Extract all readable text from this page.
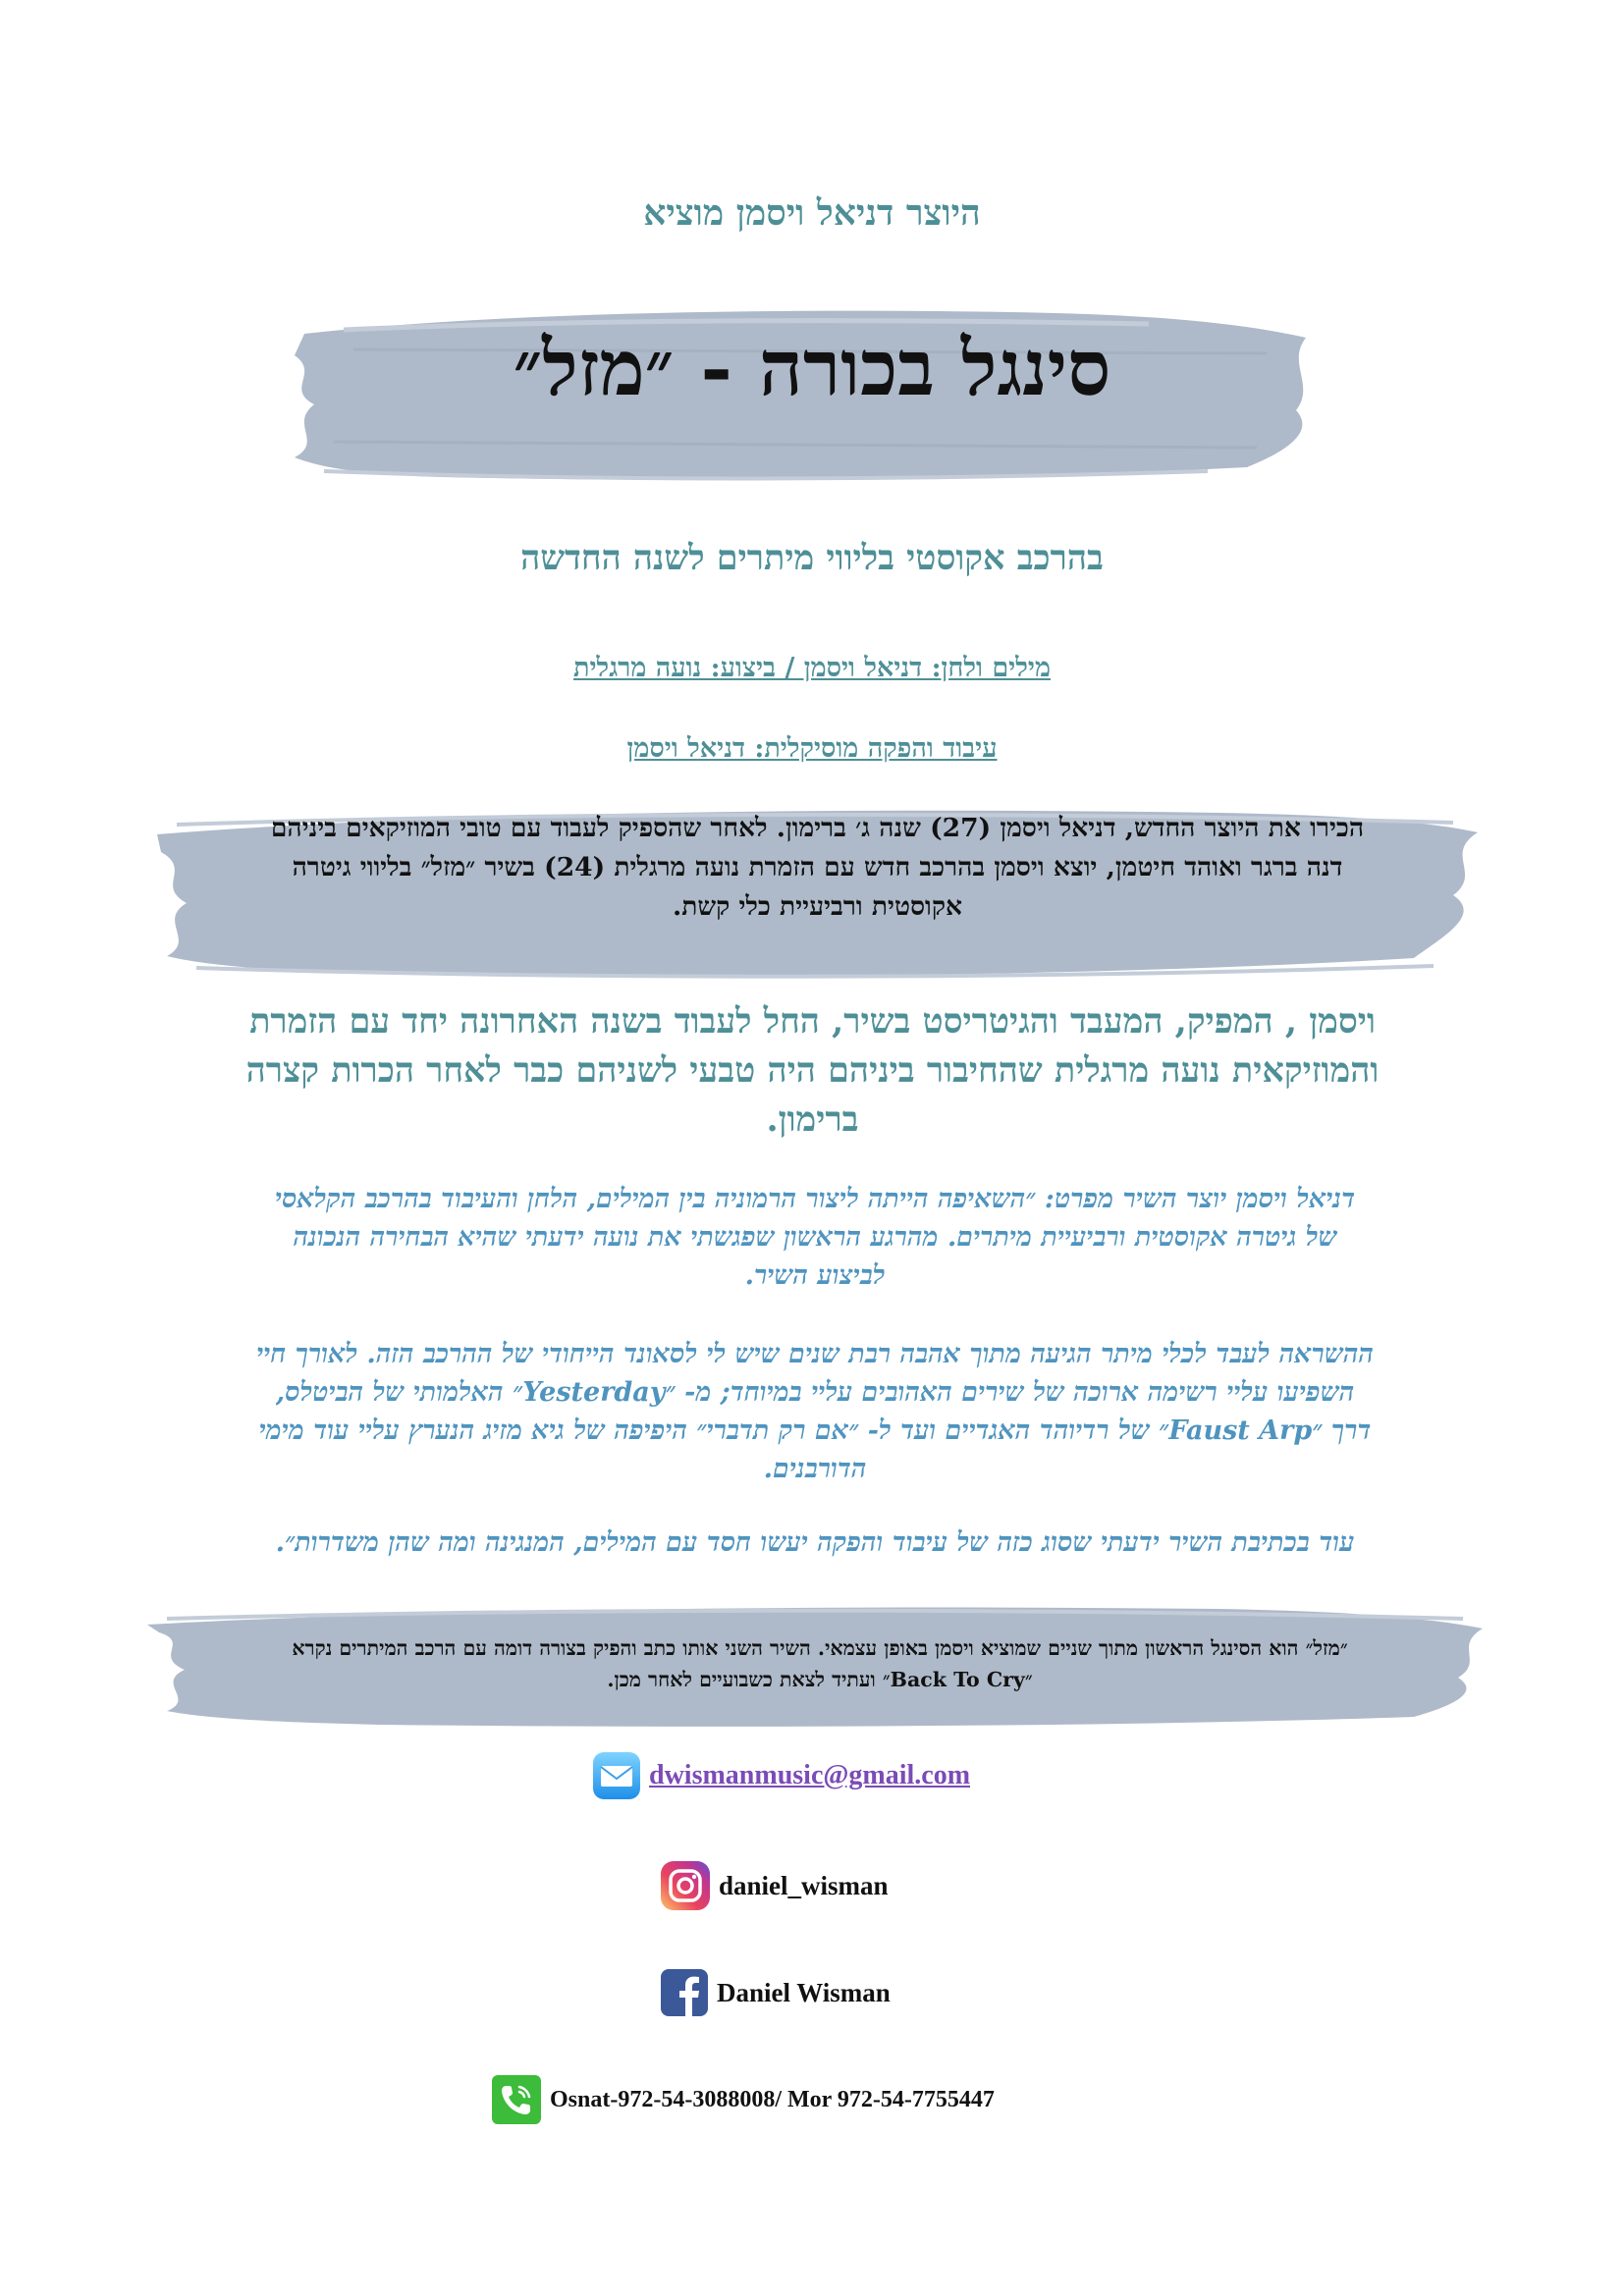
היוצר דניאל ויסמן מוציא
סינגל בכורה - ״מזל״
בהרכב אקוסטי בליווי מיתרים לשנה החדשה
מילים ולחן: דניאל ויסמן / ביצוע: נועה מרגלית
עיבוד והפקה מוסיקלית: דניאל ויסמן
הכירו את היוצר החדש, דניאל ויסמן (27) שנה ג׳ ברימון. לאחר שהספיק לעבוד עם טובי המוזיקאים ביניהם דנה ברגר ואוהד חיטמן, יוצא ויסמן בהרכב חדש עם הזמרת נועה מרגלית (24) בשיר ״מזל״ בליווי גיטרה אקוסטית ורביעיית כלי קשת.
ויסמן , המפיק, המעבד והגיטריסט בשיר, החל לעבוד בשנה האחרונה יחד עם הזמרת והמוזיקאית נועה מרגלית שהחיבור ביניהם היה טבעי לשניהם כבר לאחר הכרות קצרה ברימון.
דניאל ויסמן יוצר השיר מפרט: ״השאיפה הייתה ליצור הרמוניה בין המילים, הלחן והעיבוד בהרכב הקלאסי של גיטרה אקוסטית ורביעיית מיתרים. מהרגע הראשון שפגשתי את נועה ידעתי שהיא הבחירה הנכונה לביצוע השיר.
ההשראה לעבד לכלי מיתר הגיעה מתוך אהבה רבת שנים שיש לי לסאונד הייחודי של ההרכב הזה. לאורך חיי השפיעו עליי רשימה ארוכה של שירים האהובים עליי במיוחד; מ- ״Yesterday״ האלמותי של הביטלס, דרך ״Faust Arp״ של רדיוהד האגדיים ועד ל- ״אם רק תדברי״ היפיפה של גיא מזיג הנערץ עליי עוד מימי הדורבנים.
עוד בכתיבת השיר ידעתי שסוג כזה של עיבוד והפקה יעשו חסד עם המילים, המנגינה ומה שהן משדרות״.
״מזל״ הוא הסינגל הראשון מתוך שניים שמוציא ויסמן באופן עצמאי. השיר השני אותו כתב והפיק בצורה דומה עם הרכב המיתרים נקרא ״Back To Cry״ ועתיד לצאת כשבועיים לאחר מכן.
dwismanmusic@gmail.com
daniel_wisman
Daniel Wisman
Osnat-972-54-3088008/ Mor 972-54-7755447
